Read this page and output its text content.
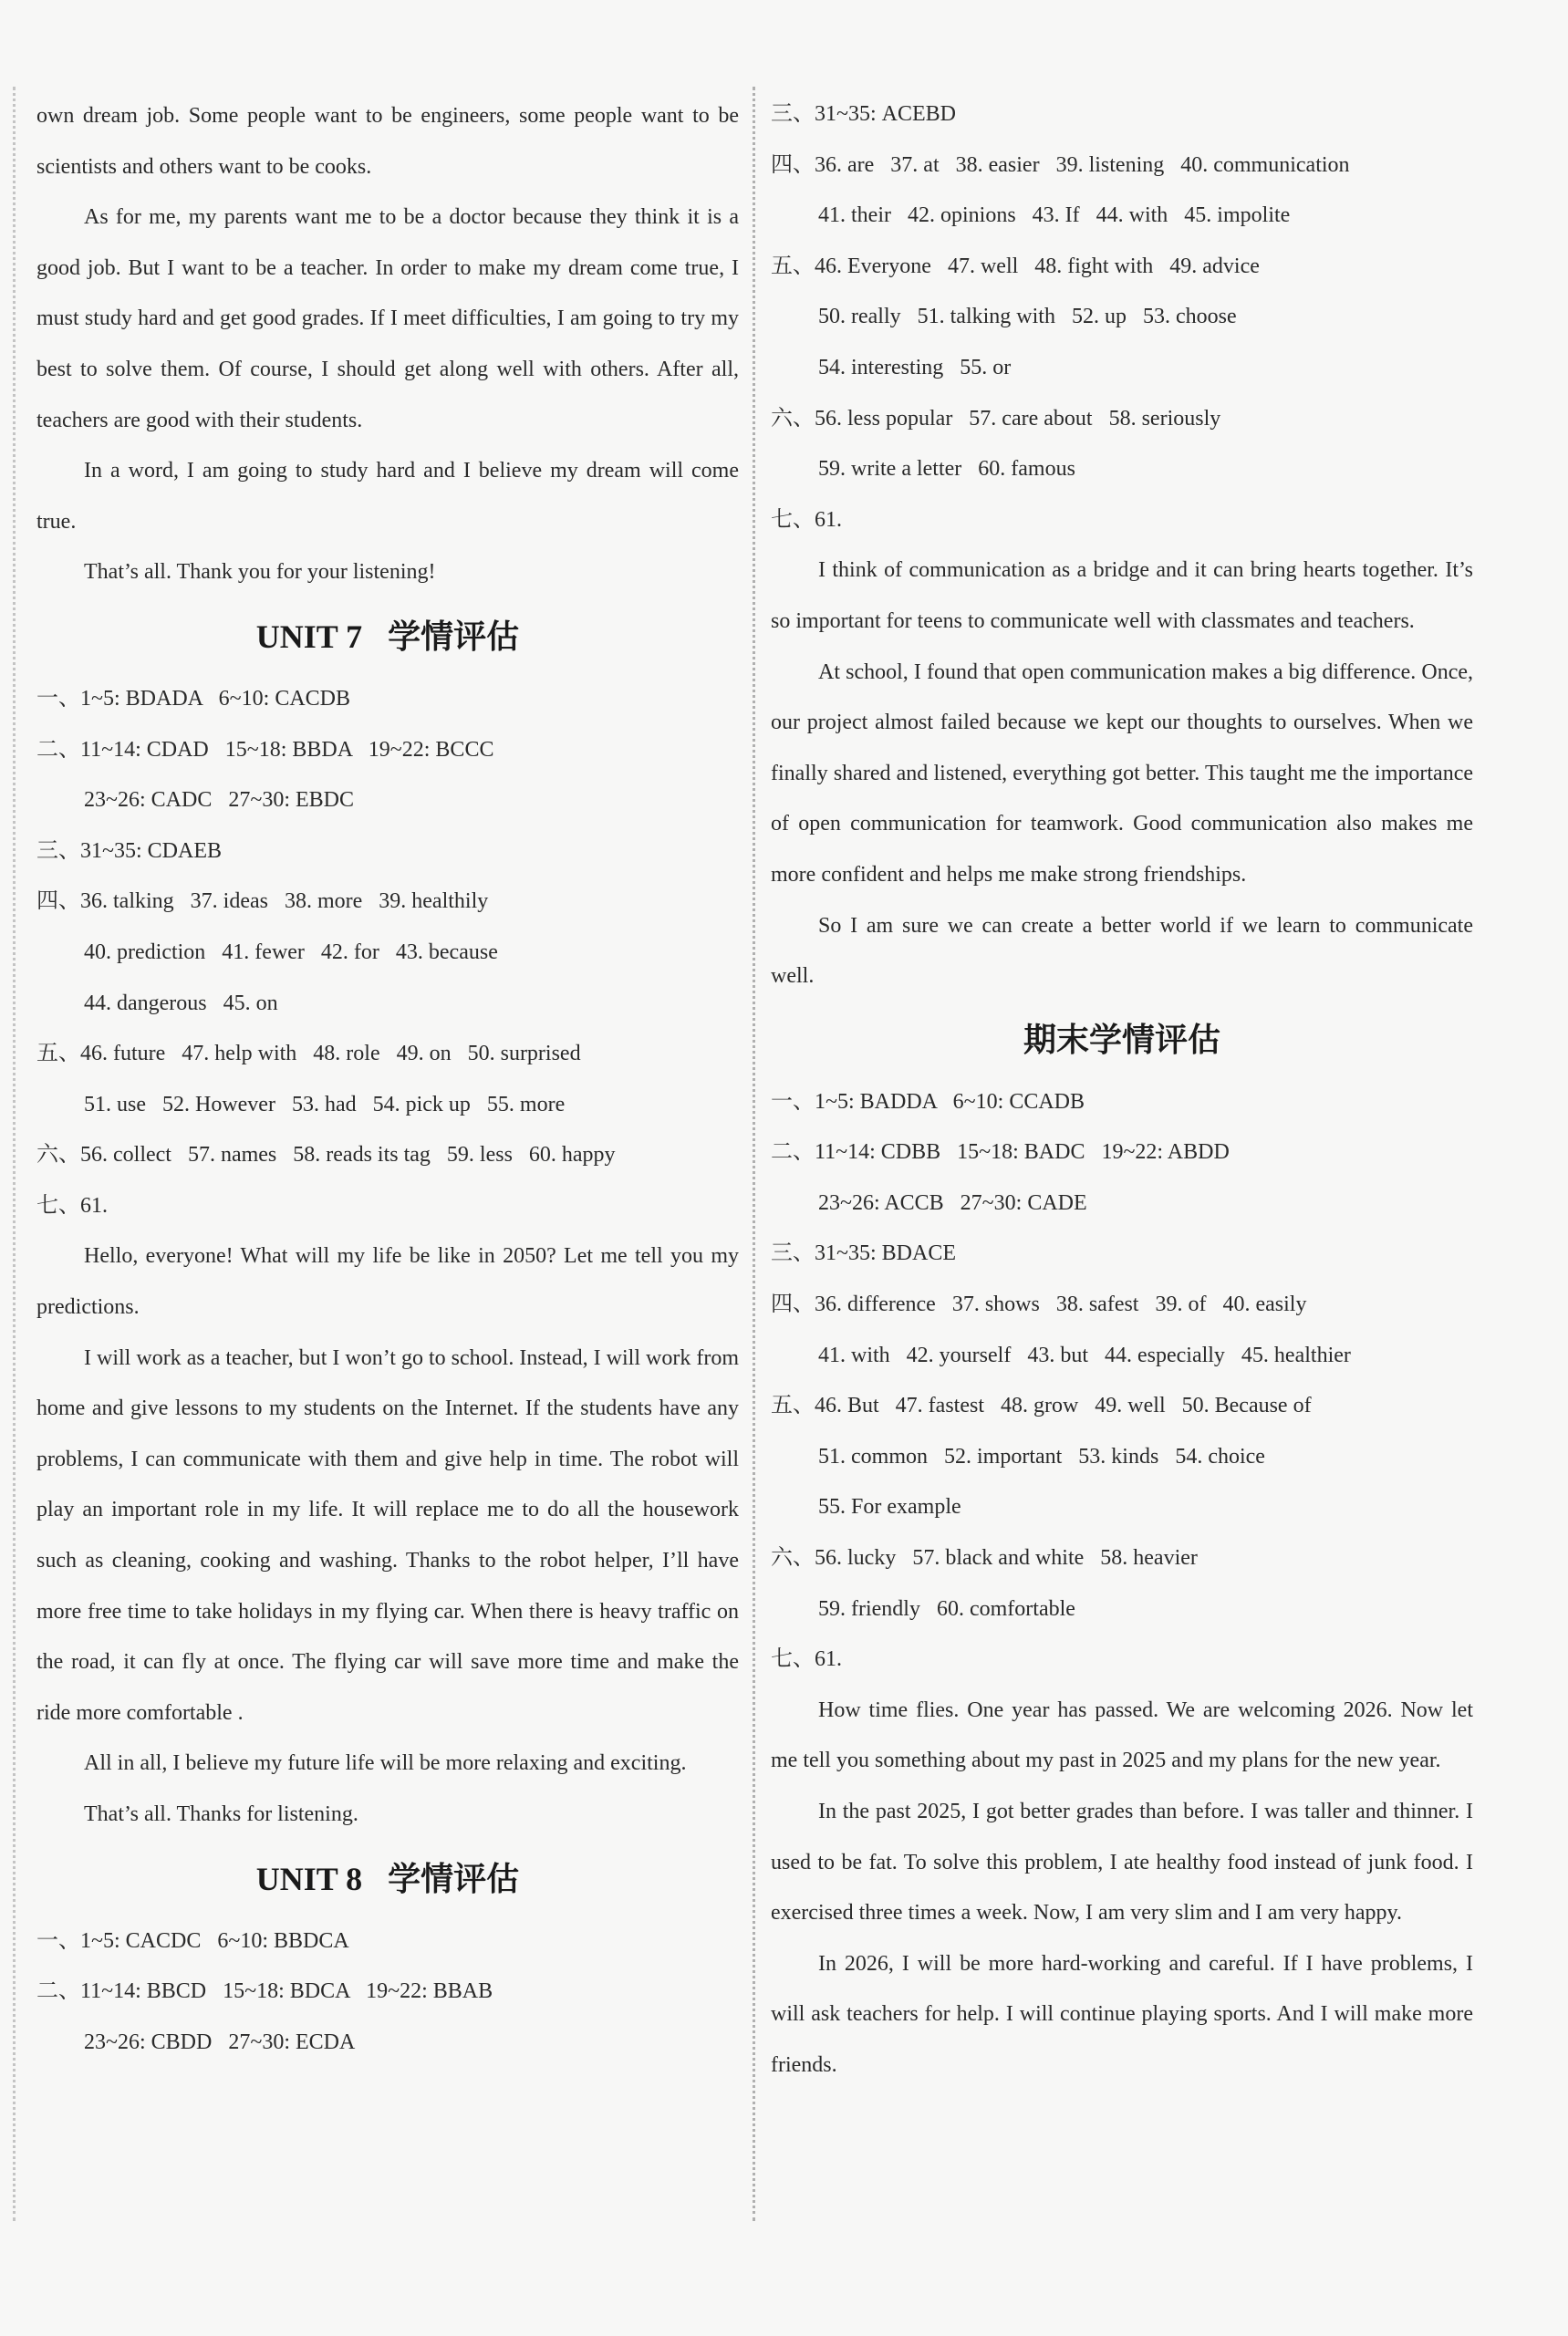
own dream job. Some people want to be engineers, some people want to be scientists and others want to be cooks.

As for me, my parents want me to be a doctor because they think it is a good job. But I want to be a teacher. In order to make my dream come true, I must study hard and get good grades. If I meet difficulties, I am going to try my best to solve them. Of course, I should get along well with others. After all, teachers are good with their students.

In a word, I am going to study hard and I believe my dream will come true.

That’s all. Thank you for your listening!

UNIT 7 学情评估
一、1~5: BDADA   6~10: CACDB
二、11~14: CDAD   15~18: BBDA   19~22: BCCC
23~26: CADC   27~30: EBDC
三、31~35: CDAEB
四、36. talking   37. ideas   38. more   39. healthily
40. prediction   41. fewer   42. for   43. because
44. dangerous   45. on
五、46. future   47. help with   48. role   49. on   50. surprised
51. use   52. However   53. had   54. pick up   55. more
六、56. collect   57. names   58. reads its tag   59. less   60. happy
七、61.

Hello, everyone! What will my life be like in 2050? Let me tell you my predictions.

I will work as a teacher, but I won’t go to school. Instead, I will work from home and give lessons to my students on the Internet. If the students have any problems, I can communicate with them and give help in time. The robot will play an important role in my life. It will replace me to do all the housework such as cleaning, cooking and washing. Thanks to the robot helper, I’ll have more free time to take holidays in my flying car. When there is heavy traffic on the road, it can fly at once. The flying car will save more time and make the ride more comfortable .

All in all, I believe my future life will be more relaxing and exciting.

That’s all. Thanks for listening.

UNIT 8 学情评估
一、1~5: CACDC   6~10: BBDCA
二、11~14: BBCD   15~18: BDCA   19~22: BBAB
23~26: CBDD   27~30: ECDA
三、31~35: ACEBD
四、36. are   37. at   38. easier   39. listening   40. communication
41. their   42. opinions   43. If   44. with   45. impolite
五、46. Everyone   47. well   48. fight with   49. advice
50. really   51. talking with   52. up   53. choose
54. interesting   55. or
六、56. less popular   57. care about   58. seriously
59. write a letter   60. famous
七、61.

I think of communication as a bridge and it can bring hearts together. It’s so important for teens to communicate well with classmates and teachers.

At school, I found that open communication makes a big difference. Once, our project almost failed because we kept our thoughts to ourselves. When we finally shared and listened, everything got better. This taught me the importance of open communication for teamwork. Good communication also makes me more confident and helps me make strong friendships.

So I am sure we can create a better world if we learn to communicate well.

期末学情评估
一、1~5: BADDA   6~10: CCADB
二、11~14: CDBB   15~18: BADC   19~22: ABDD
23~26: ACCB   27~30: CADE
三、31~35: BDACE
四、36. difference   37. shows   38. safest   39. of   40. easily
41. with   42. yourself   43. but   44. especially   45. healthier
五、46. But   47. fastest   48. grow   49. well   50. Because of
51. common   52. important   53. kinds   54. choice
55. For example
六、56. lucky   57. black and white   58. heavier
59. friendly   60. comfortable
七、61.

How time flies. One year has passed. We are welcoming 2026. Now let me tell you something about my past in 2025 and my plans for the new year.

In the past 2025, I got better grades than before. I was taller and thinner. I used to be fat. To solve this problem, I ate healthy food instead of junk food. I exercised three times a week. Now, I am very slim and I am very happy.

In 2026, I will be more hard-working and careful. If I have problems, I will ask teachers for help. I will continue playing sports. And I will make more friends.
